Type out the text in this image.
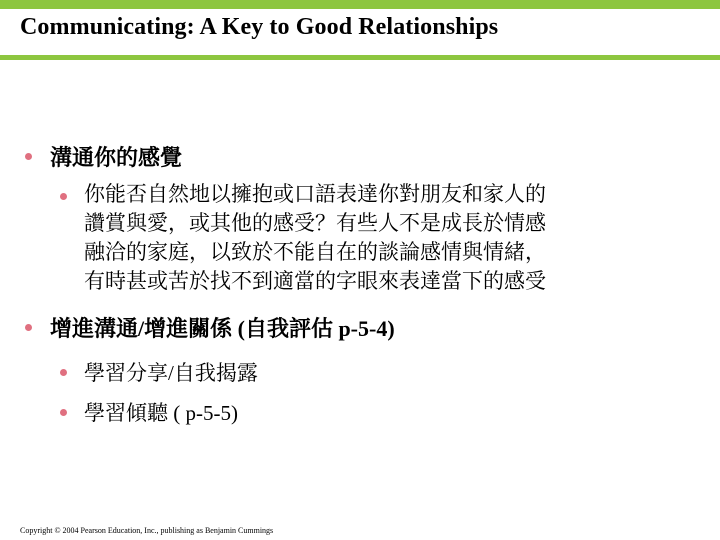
Communicating: A Key to Good Relationships
溝通你的感覺
你能否自然地以擁抱或口語表達你對朋友和家人的
讚賞與愛，或其他的感受？有些人不是成長於情感
融洽的家庭，以致於不能自在的談論感情與情緒，
有時甚或苦於找不到適當的字眼來表達當下的感受
增進溝通/增進關係 (自我評估 p-5-4)
學習分享/自我揭露
學習傾聽 ( p-5-5)
Copyright © 2004 Pearson Education, Inc., publishing as Benjamin Cummings
